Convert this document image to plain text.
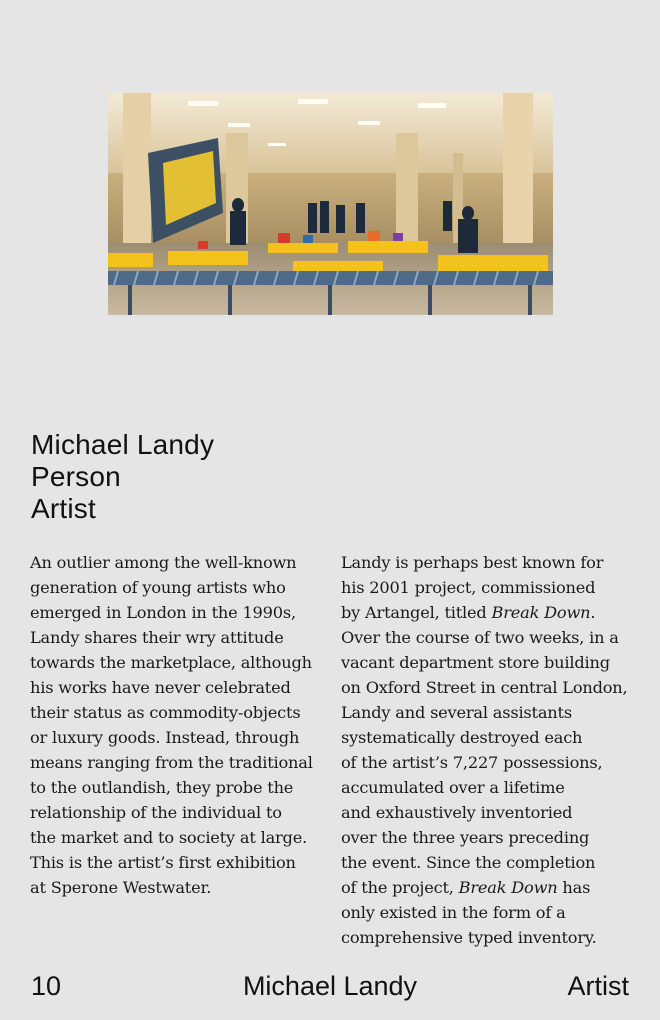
Michael Landy
Person
Artist
An outlier among the well-known
generation of young artists who
emerged in London in the 1990s,
Landy shares their wry attitude
towards the marketplace, although
his works have never celebrated
their status as commodity-objects
or luxury goods. Instead, through
means ranging from the traditional
to the outlandish, they probe the
relationship of the individual to
the market and to society at large.
This is the artist’s first exhibition
at Sperone Westwater.
Landy is perhaps best known for
his 2001 project, commissioned
by Artangel, titled Break Down.
Over the course of two weeks, in a
vacant department store building
on Oxford Street in central London,
Landy and several assistants
systematically destroyed each
of the artist’s 7,227 possessions,
accumulated over a lifetime
and exhaustively inventoried
over the three years preceding
the event. Since the completion
of the project, Break Down has
only existed in the form of a
comprehensive typed inventory.
10	Michael Landy	Artist
